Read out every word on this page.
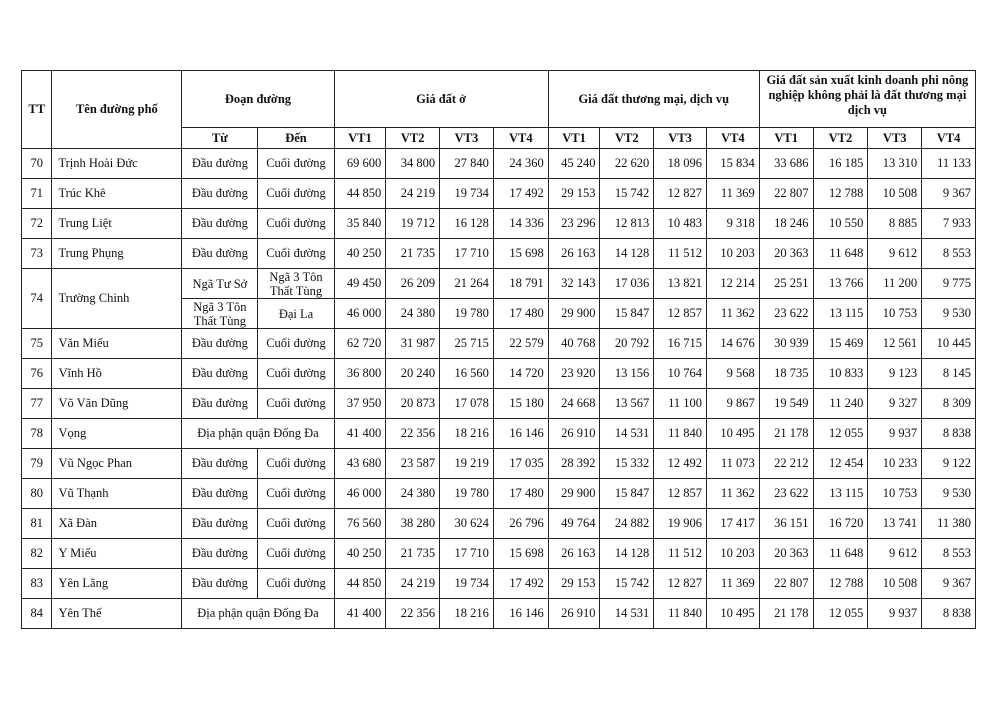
TT	Tên đường phố	Đoạn đường		Giá đất ở				Giá đất thương mại, dịch vụ				Giá đất sản xuất kinh doanh phi nông nghiệp không phải là đất thương mại dịch vụ			
		Từ	Đến	VT1	VT2	VT3	VT4	VT1	VT2	VT3	VT4	VT1	VT2	VT3	VT4
70	Trịnh Hoài Đức	Đầu đường	Cuối đường	69 600	34 800	27 840	24 360	45 240	22 620	18 096	15 834	33 686	16 185	13 310	11 133
71	Trúc Khê	Đầu đường	Cuối đường	44 850	24 219	19 734	17 492	29 153	15 742	12 827	11 369	22 807	12 788	10 508	9 367
72	Trung Liệt	Đầu đường	Cuối đường	35 840	19 712	16 128	14 336	23 296	12 813	10 483	9 318	18 246	10 550	8 885	7 933
73	Trung Phụng	Đầu đường	Cuối đường	40 250	21 735	17 710	15 698	26 163	14 128	11 512	10 203	20 363	11 648	9 612	8 553
74	Trường Chinh	Ngã Tư Sở	Ngã 3 Tôn Thất Tùng	49 450	26 209	21 264	18 791	32 143	17 036	13 821	12 214	25 251	13 766	11 200	9 775
		Ngã 3 Tôn Thất Tùng	Đại La	46 000	24 380	19 780	17 480	29 900	15 847	12 857	11 362	23 622	13 115	10 753	9 530
75	Văn Miếu	Đầu đường	Cuối đường	62 720	31 987	25 715	22 579	40 768	20 792	16 715	14 676	30 939	15 469	12 561	10 445
76	Vĩnh Hồ	Đầu đường	Cuối đường	36 800	20 240	16 560	14 720	23 920	13 156	10 764	9 568	18 735	10 833	9 123	8 145
77	Võ Văn Dũng	Đầu đường	Cuối đường	37 950	20 873	17 078	15 180	24 668	13 567	11 100	9 867	19 549	11 240	9 327	8 309
78	Vọng	Địa phận quận Đống Đa		41 400	22 356	18 216	16 146	26 910	14 531	11 840	10 495	21 178	12 055	9 937	8 838
79	Vũ Ngọc Phan	Đầu đường	Cuối đường	43 680	23 587	19 219	17 035	28 392	15 332	12 492	11 073	22 212	12 454	10 233	9 122
80	Vũ Thạnh	Đầu đường	Cuối đường	46 000	24 380	19 780	17 480	29 900	15 847	12 857	11 362	23 622	13 115	10 753	9 530
81	Xã Đàn	Đầu đường	Cuối đường	76 560	38 280	30 624	26 796	49 764	24 882	19 906	17 417	36 151	16 720	13 741	11 380
82	Y Miếu	Đầu đường	Cuối đường	40 250	21 735	17 710	15 698	26 163	14 128	11 512	10 203	20 363	11 648	9 612	8 553
83	Yên Lãng	Đầu đường	Cuối đường	44 850	24 219	19 734	17 492	29 153	15 742	12 827	11 369	22 807	12 788	10 508	9 367
84	Yên Thế	Địa phận quận Đống Đa		41 400	22 356	18 216	16 146	26 910	14 531	11 840	10 495	21 178	12 055	9 937	8 838
